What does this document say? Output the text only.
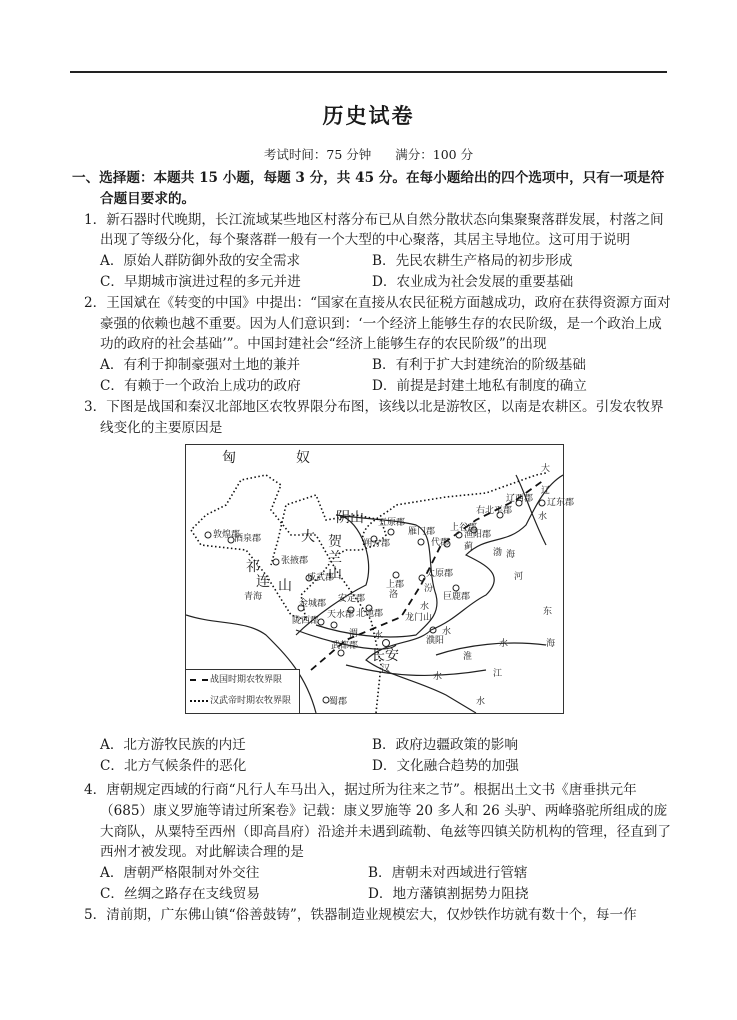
历史试卷
考试时间：75 分钟 满分：100 分
一、选择题：本题共 15 小题，每题 3 分，共 45 分。在每小题给出的四个选项中，只有一项是符合题目要求的。
1．新石器时代晚期，长江流域某些地区村落分布已从自然分散状态向集聚聚落群发展，村落之间出现了等级分化，每个聚落群一般有一个大型的中心聚落，其居主导地位。这可用于说明
A．原始人群防御外敌的安全需求	B．先民农耕生产格局的初步形成
C．早期城市演进过程的多元并进	D．农业成为社会发展的重要基础
2．王国斌在《转变的中国》中提出：“国家在直接从农民征税方面越成功，政府在获得资源方面对豪强的依赖也越不重要。因为人们意识到：‘一个经济上能够生存的农民阶级，是一个政治上成功的政府的社会基础’”。中国封建社会“经济上能够生存的农民阶级”的出现
A．有利于抑制豪强对土地的兼并	B．有利于扩大封建统治的阶级基础
C．有赖于一个政治上成功的政府	D．前提是封建土地私有制度的确立
3．下图是战国和秦汉北部地区农牧界限分布图，该线以北是游牧区，以南是农耕区。引发农牧界线变化的主要原因是
匈	奴
大
辽
水
辽西郡 辽东郡
右北平郡
阴山 五原郡
雁门郡 上谷郡
渔阳郡
代郡 蓟
大 贺
兰
山
敦煌郡
酒泉郡
张掖郡
朔方郡
祁
连 山 威武郡
渤 海
河
上郡
太原郡
汾
巨鹿郡
青海
金城郡 安定郡
北地郡
天水郡
陇西郡
洛
水
龙门山
东
渭 水	濮阳
水
武都郡
长安
汉
淮
水	海
水	江
水
蜀郡
战国时期农牧界限
汉武帝时期农牧界限
A．北方游牧民族的内迁	B．政府边疆政策的影响
C．北方气候条件的恶化	D．文化融合趋势的加强
4．唐朝规定西域的行商“凡行人车马出入，据过所为往来之节”。根据出土文书《唐垂拱元年（685）康义罗施等请过所案卷》记载：康义罗施等 20 多人和 26 头驴、两峰骆驼所组成的庞大商队，从粟特至西州（即高昌府）沿途并未遇到疏勒、龟兹等四镇关防机构的管理，径直到了西州才被发现。对此解读合理的是
A．唐朝严格限制对外交往	B．唐朝未对西域进行管辖
C．丝绸之路存在支线贸易	D．地方藩镇割据势力阻挠
5．清前期，广东佛山镇“俗善鼓铸”，铁器制造业规模宏大，仅炒铁作坊就有数十个，每一作
